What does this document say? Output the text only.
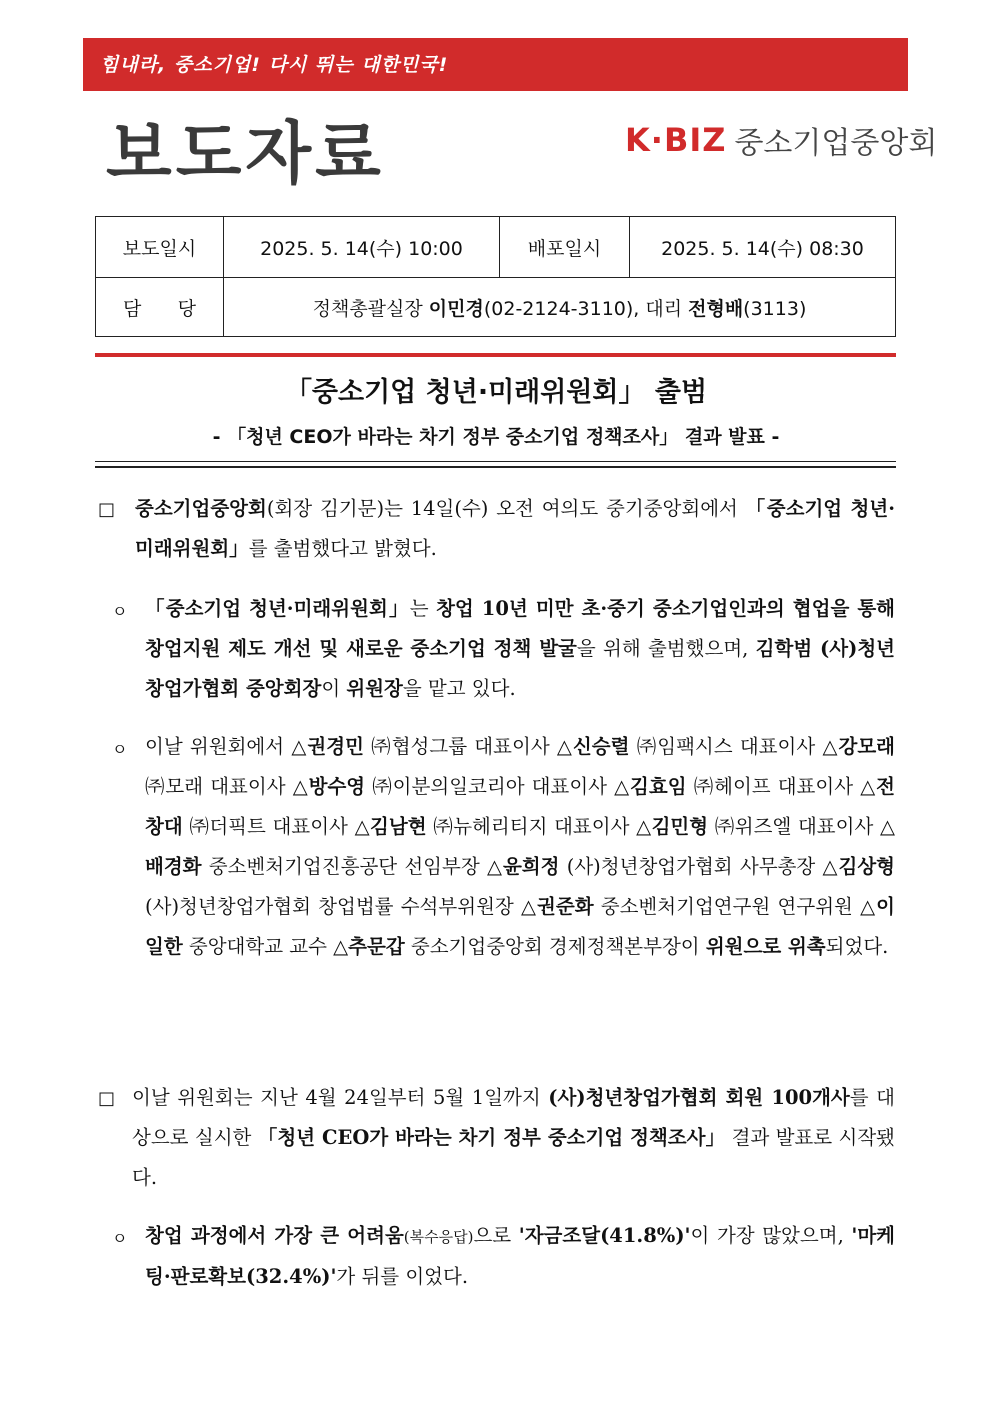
힘내라, 중소기업! 다시 뛰는 대한민국!
보도자료	K·BIZ 중소기업중앙회
보도일시	2025. 5. 14(수) 10:00	배포일시	2025. 5. 14(수) 08:30
담      당	정책총괄실장 이민경(02-2124-3110), 대리 전형배(3113)		
「중소기업 청년·미래위원회」 출범
- 「청년 CEO가 바라는 차기 정부 중소기업 정책조사」 결과 발표 -
□ 중소기업중앙회(회장 김기문)는 14일(수) 오전 여의도 중기중앙회에서 「중소기업 청년·미래위원회」를 출범했다고 밝혔다.
ㅇ 「중소기업 청년·미래위원회」는 창업 10년 미만 초·중기 중소기업인과의 협업을 통해 창업지원 제도 개선 및 새로운 중소기업 정책 발굴을 위해 출범했으며, 김학범 (사)청년창업가협회 중앙회장이 위원장을 맡고 있다.
ㅇ 이날 위원회에서 △권경민 ㈜협성그룹 대표이사 △신승렬 ㈜임팩시스 대표이사 △강모래 ㈜모래 대표이사 △방수영 ㈜이분의일코리아 대표이사 △김효임 ㈜헤이프 대표이사 △전창대 ㈜더픽트 대표이사 △김남현 ㈜뉴헤리티지 대표이사 △김민형 ㈜위즈엘 대표이사 △배경화 중소벤처기업진흥공단 선임부장 △윤희정 (사)청년창업가협회 사무총장 △김상형 (사)청년창업가협회 창업법률 수석부위원장 △권준화 중소벤처기업연구원 연구위원 △이일한 중앙대학교 교수 △추문갑 중소기업중앙회 경제정책본부장이 위원으로 위촉되었다.
□ 이날 위원회는 지난 4월 24일부터 5월 1일까지 (사)청년창업가협회 회원 100개사를 대상으로 실시한 「청년 CEO가 바라는 차기 정부 중소기업 정책조사」 결과 발표로 시작됐다.
ㅇ 창업 과정에서 가장 큰 어려움(복수응답)으로 '자금조달(41.8%)'이 가장 많았으며, '마케팅·판로확보(32.4%)'가 뒤를 이었다.
